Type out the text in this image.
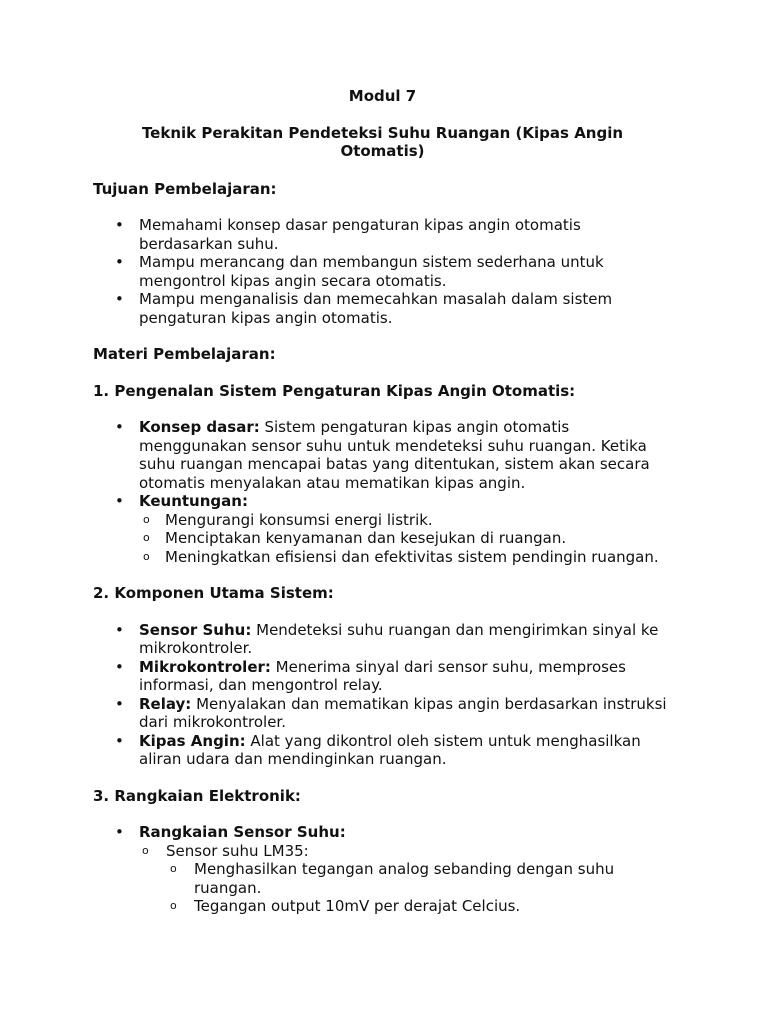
Modul 7
Teknik Perakitan Pendeteksi Suhu Ruangan (Kipas Angin Otomatis)
Tujuan Pembelajaran:
• Memahami konsep dasar pengaturan kipas angin otomatis berdasarkan suhu.
• Mampu merancang dan membangun sistem sederhana untuk mengontrol kipas angin secara otomatis.
• Mampu menganalisis dan memecahkan masalah dalam sistem pengaturan kipas angin otomatis.
Materi Pembelajaran:
1. Pengenalan Sistem Pengaturan Kipas Angin Otomatis:
• Konsep dasar: Sistem pengaturan kipas angin otomatis menggunakan sensor suhu untuk mendeteksi suhu ruangan. Ketika suhu ruangan mencapai batas yang ditentukan, sistem akan secara otomatis menyalakan atau mematikan kipas angin.
• Keuntungan:
o Mengurangi konsumsi energi listrik.
o Menciptakan kenyamanan dan kesejukan di ruangan.
o Meningkatkan efisiensi dan efektivitas sistem pendingin ruangan.
2. Komponen Utama Sistem:
• Sensor Suhu: Mendeteksi suhu ruangan dan mengirimkan sinyal ke mikrokontroler.
• Mikrokontroler: Menerima sinyal dari sensor suhu, memproses informasi, dan mengontrol relay.
• Relay: Menyalakan dan mematikan kipas angin berdasarkan instruksi dari mikrokontroler.
• Kipas Angin: Alat yang dikontrol oleh sistem untuk menghasilkan aliran udara dan mendinginkan ruangan.
3. Rangkaian Elektronik:
• Rangkaian Sensor Suhu:
o Sensor suhu LM35:
o Menghasilkan tegangan analog sebanding dengan suhu ruangan.
o Tegangan output 10mV per derajat Celcius.
